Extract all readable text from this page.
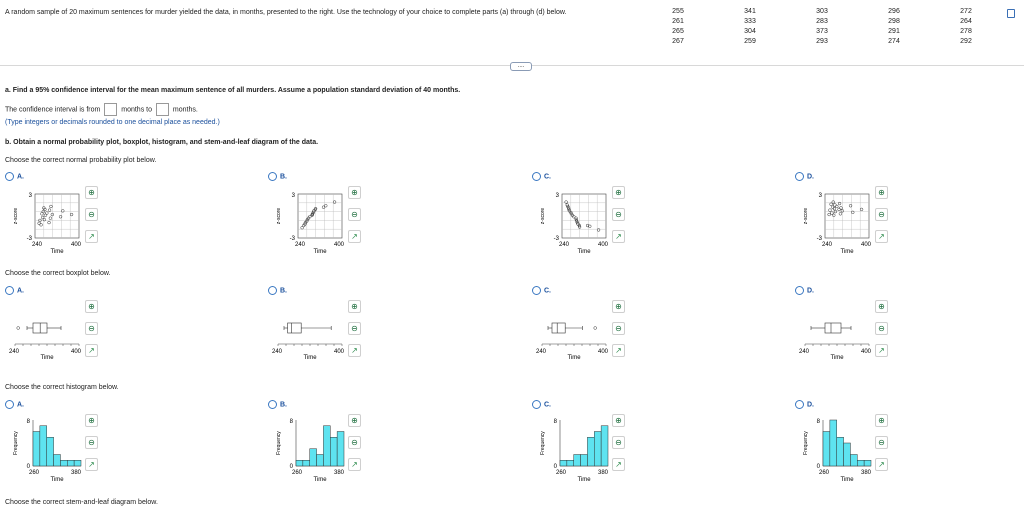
A random sample of 20 maximum sentences for murder yielded the data, in months, presented to the right. Use the technology of your choice to complete parts (a) through (d) below.	255	341	303	296	272
261	333	283	298	264
265	304	373	291	278
267	259	293	274	292
....
a. Find a 95% confidence interval for the mean maximum sentence of all murders. Assume a population standard deviation of 40 months.
The confidence interval is from	months to	months.
(Type integers or decimals rounded to one decimal place as needed.)
b. Obtain a normal probability plot, boxplot, histogram, and stem-and-leaf diagram of the data.
Choose the correct normal probability plot below.
Choose the correct boxplot below.
Choose the correct histogram below.
Choose the correct stem-and-leaf diagram below.
A.
⊕
⊖
↗
3
-3
240	400
Time
z-score
B.
⊕
⊖
↗
3
-3
240	400
Time
z-score
C.
⊕
⊖
↗
3
-3
240	400
Time
z-score
D.
⊕
⊖
↗
3
-3
240	400
Time
z-score
A.
⊕
⊖
↗
240	400
Time
B.
⊕
⊖
↗
240	400
Time
C.
⊕
⊖
↗
240	400
Time
D.
⊕
⊖
↗
240	400
Time
A.
⊕
⊖
↗
8
0
260	380
Time
Frequency
B.
⊕
⊖
↗
8
0
260	380
Time
Frequency
C.
⊕
⊖
↗
8
0
260	380
Time
Frequency
D.
⊕
⊖
↗
8
0
260	380
Time
Frequency
